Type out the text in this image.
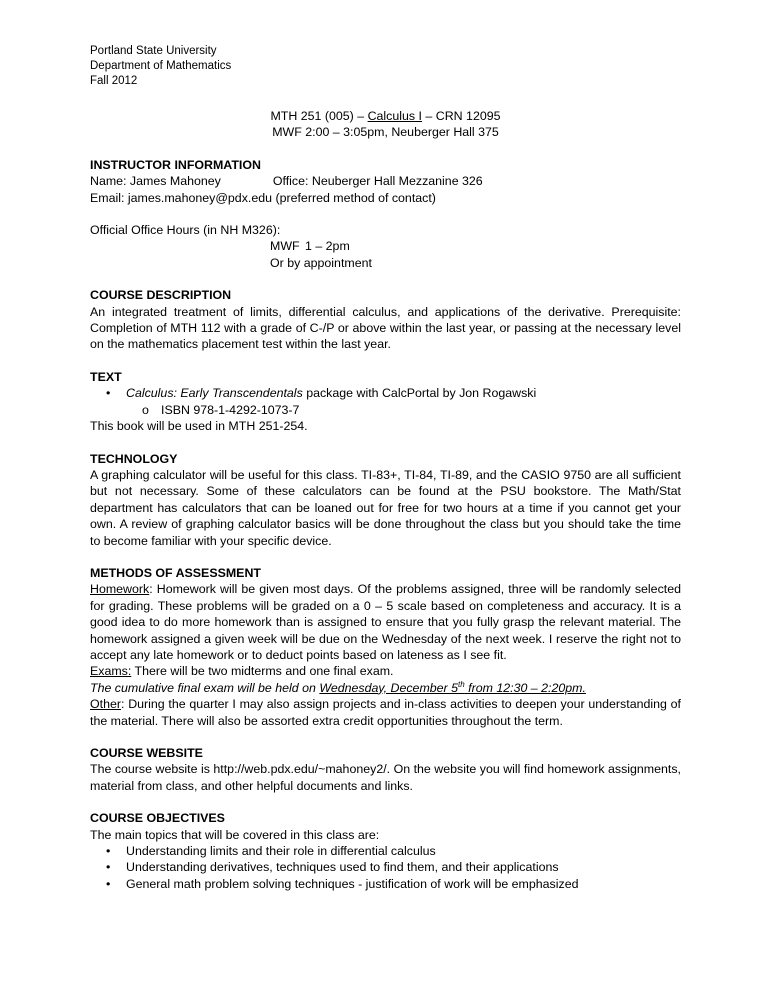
Portland State University
Department of Mathematics
Fall 2012
MTH 251 (005) – Calculus I – CRN 12095
MWF 2:00 – 3:05pm, Neuberger Hall 375
INSTRUCTOR INFORMATION
Name: James Mahoney	Office: Neuberger Hall Mezzanine 326
Email: james.mahoney@pdx.edu (preferred method of contact)
Official Office Hours (in NH M326):
MWF 1 – 2pm
Or by appointment
COURSE DESCRIPTION
An integrated treatment of limits, differential calculus, and applications of the derivative. Prerequisite: Completion of MTH 112 with a grade of C-/P or above within the last year, or passing at the necessary level on the mathematics placement test within the last year.
TEXT
• Calculus: Early Transcendentals package with CalcPortal by Jon Rogawski
o ISBN 978-1-4292-1073-7
This book will be used in MTH 251-254.
TECHNOLOGY
A graphing calculator will be useful for this class. TI-83+, TI-84, TI-89, and the CASIO 9750 are all sufficient but not necessary. Some of these calculators can be found at the PSU bookstore. The Math/Stat department has calculators that can be loaned out for free for two hours at a time if you cannot get your own. A review of graphing calculator basics will be done throughout the class but you should take the time to become familiar with your specific device.
METHODS OF ASSESSMENT
Homework: Homework will be given most days. Of the problems assigned, three will be randomly selected for grading. These problems will be graded on a 0 – 5 scale based on completeness and accuracy. It is a good idea to do more homework than is assigned to ensure that you fully grasp the relevant material. The homework assigned a given week will be due on the Wednesday of the next week. I reserve the right not to accept any late homework or to deduct points based on lateness as I see fit.
Exams: There will be two midterms and one final exam.
The cumulative final exam will be held on Wednesday, December 5th from 12:30 – 2:20pm.
Other: During the quarter I may also assign projects and in-class activities to deepen your understanding of the material. There will also be assorted extra credit opportunities throughout the term.
COURSE WEBSITE
The course website is http://web.pdx.edu/~mahoney2/. On the website you will find homework assignments, material from class, and other helpful documents and links.
COURSE OBJECTIVES
The main topics that will be covered in this class are:
• Understanding limits and their role in differential calculus
• Understanding derivatives, techniques used to find them, and their applications
• General math problem solving techniques - justification of work will be emphasized
